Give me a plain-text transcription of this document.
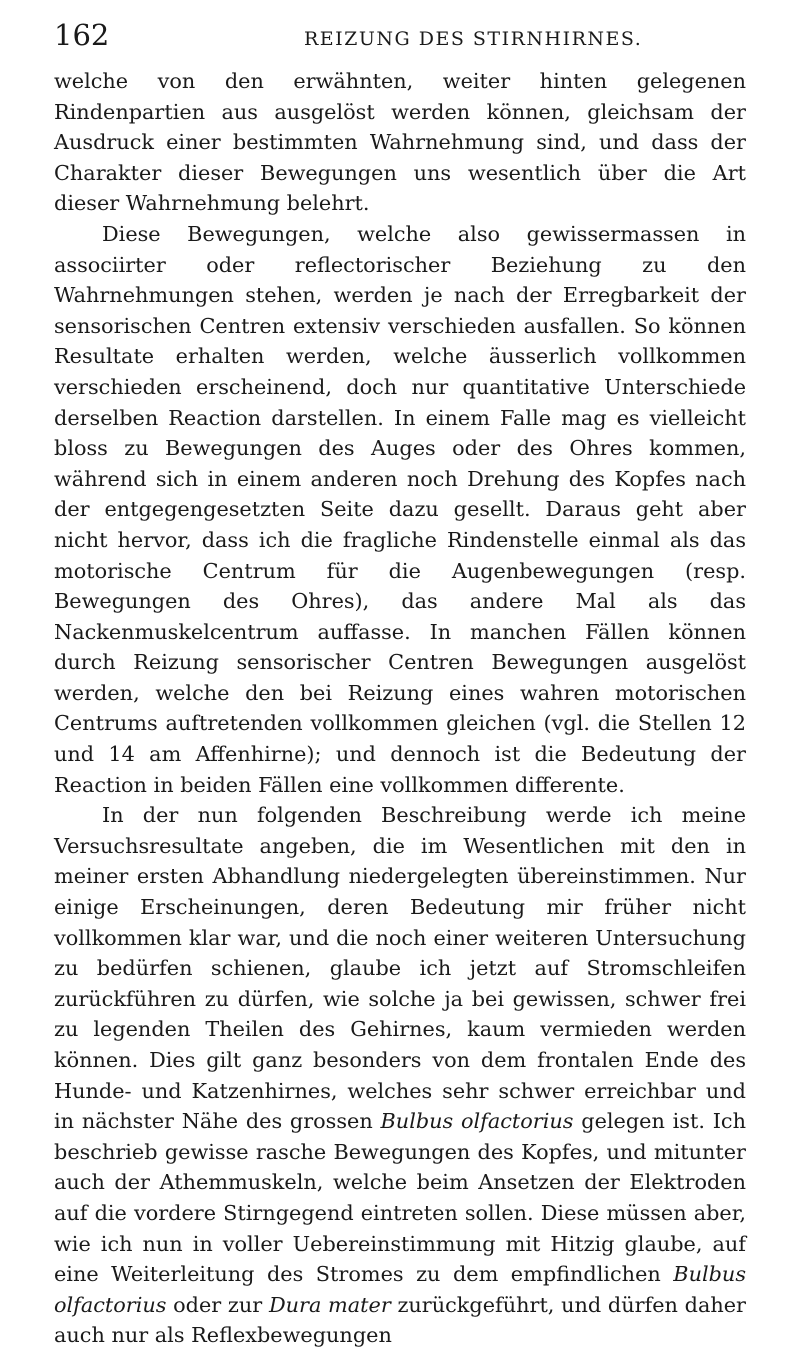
162	REIZUNG DES STIRNHIRNES.

welche von den erwähnten, weiter hinten gelegenen Rindenpartien aus ausgelöst werden können, gleichsam der Ausdruck einer bestimmten Wahrnehmung sind, und dass der Charakter dieser Bewegungen uns wesentlich über die Art dieser Wahrnehmung belehrt.

Diese Bewegungen, welche also gewissermassen in associirter oder reflectorischer Beziehung zu den Wahrnehmungen stehen, werden je nach der Erregbarkeit der sensorischen Centren extensiv verschieden ausfallen. So können Resultate erhalten werden, welche äusserlich vollkommen verschieden erscheinend, doch nur quantitative Unterschiede derselben Reaction darstellen. In einem Falle mag es vielleicht bloss zu Bewegungen des Auges oder des Ohres kommen, während sich in einem anderen noch Drehung des Kopfes nach der entgegengesetzten Seite dazu gesellt. Daraus geht aber nicht hervor, dass ich die fragliche Rindenstelle einmal als das motorische Centrum für die Augenbewegungen (resp. Bewegungen des Ohres), das andere Mal als das Nackenmuskelcentrum auffasse. In manchen Fällen können durch Reizung sensorischer Centren Bewegungen ausgelöst werden, welche den bei Reizung eines wahren motorischen Centrums auftretenden vollkommen gleichen (vgl. die Stellen 12 und 14 am Affenhirne); und dennoch ist die Bedeutung der Reaction in beiden Fällen eine vollkommen differente.

In der nun folgenden Beschreibung werde ich meine Versuchsresultate angeben, die im Wesentlichen mit den in meiner ersten Abhandlung niedergelegten übereinstimmen. Nur einige Erscheinungen, deren Bedeutung mir früher nicht vollkommen klar war, und die noch einer weiteren Untersuchung zu bedürfen schienen, glaube ich jetzt auf Stromschleifen zurückführen zu dürfen, wie solche ja bei gewissen, schwer frei zu legenden Theilen des Gehirnes, kaum vermieden werden können. Dies gilt ganz besonders von dem frontalen Ende des Hunde- und Katzenhirnes, welches sehr schwer erreichbar und in nächster Nähe des grossen Bulbus olfactorius gelegen ist. Ich beschrieb gewisse rasche Bewegungen des Kopfes, und mitunter auch der Athemmuskeln, welche beim Ansetzen der Elektroden auf die vordere Stirngegend eintreten sollen. Diese müssen aber, wie ich nun in voller Uebereinstimmung mit Hitzig glaube, auf eine Weiterleitung des Stromes zu dem empfindlichen Bulbus olfactorius oder zur Dura mater zurückgeführt, und dürfen daher auch nur als Reflexbewegungen
